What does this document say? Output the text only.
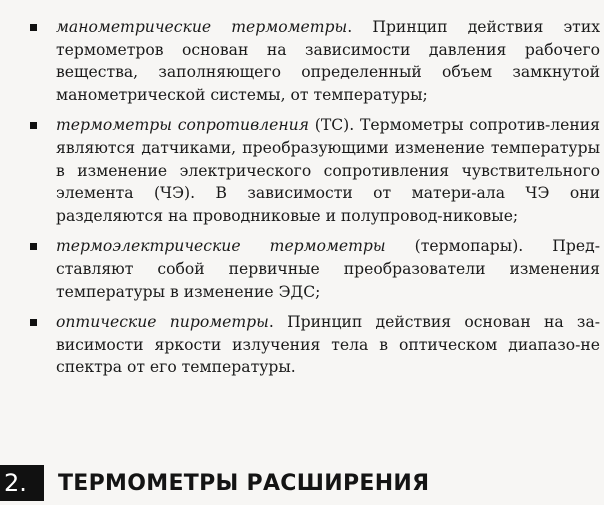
манометрические термометры. Принцип действия этих термометров основан на зависимости давления рабочего вещества, заполняющего определенный объем замкнутой манометрической системы, от температуры;
термометры сопротивления (ТС). Термометры сопротив-ления являются датчиками, преобразующими изменение температуры в изменение электрического сопротивления чувствительного элемента (ЧЭ). В зависимости от матери-ала ЧЭ они разделяются на проводниковые и полупровод-никовые;
термоэлектрические термометры (термопары). Пред-ставляют собой первичные преобразователи изменения температуры в изменение ЭДС;
оптические пирометры. Принцип действия основан на за-висимости яркости излучения тела в оптическом диапазо-не спектра от его температуры.
2.	ТЕРМОМЕТРЫ РАСШИРЕНИЯ
